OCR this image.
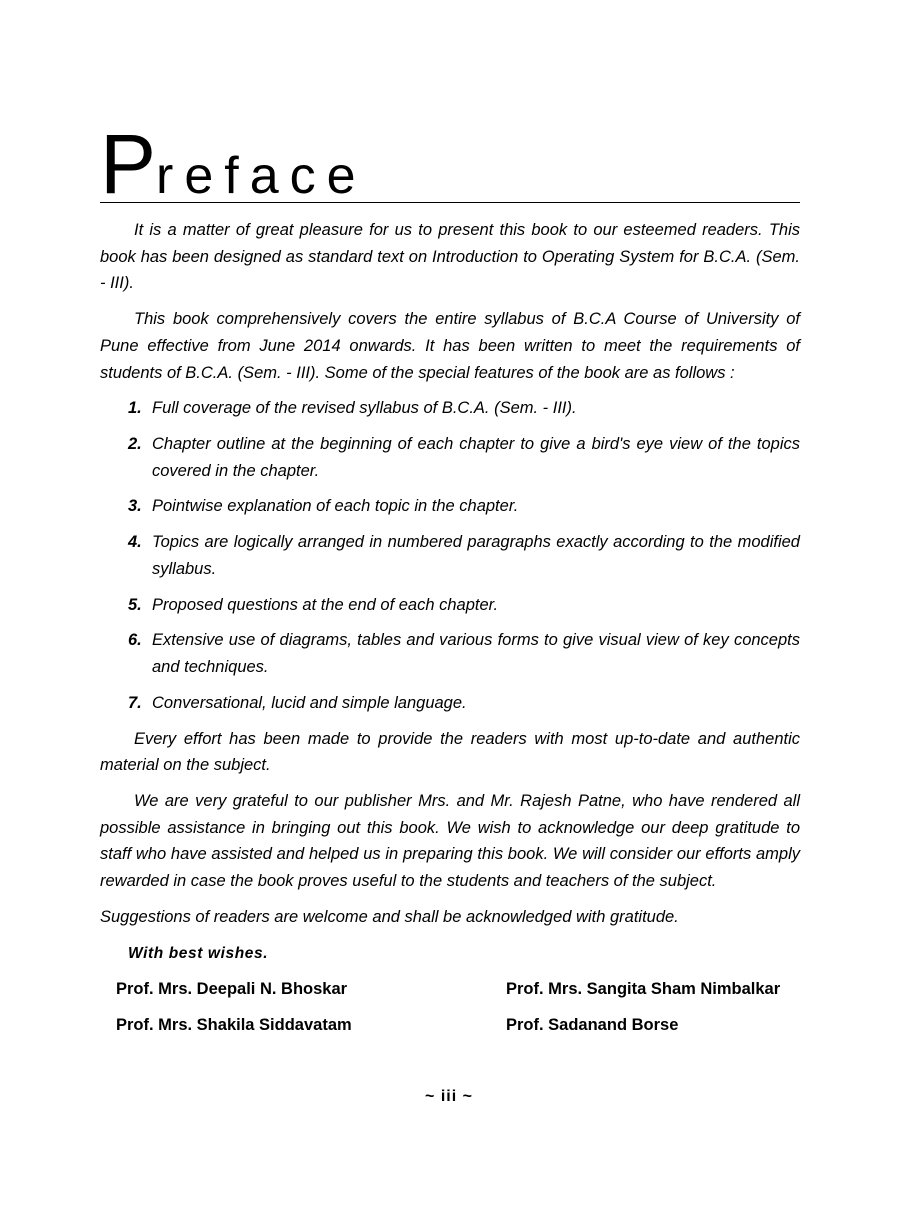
Preface

It is a matter of great pleasure for us to present this book to our esteemed readers. This book has been designed as standard text on Introduction to Operating System for B.C.A. (Sem. - III).

This book comprehensively covers the entire syllabus of B.C.A Course of University of Pune effective from June 2014 onwards. It has been written to meet the requirements of students of B.C.A. (Sem. - III). Some of the special features of the book are as follows :

1. Full coverage of the revised syllabus of B.C.A. (Sem. - III).
2. Chapter outline at the beginning of each chapter to give a bird's eye view of the topics covered in the chapter.
3. Pointwise explanation of each topic in the chapter.
4. Topics are logically arranged in numbered paragraphs exactly according to the modified syllabus.
5. Proposed questions at the end of each chapter.
6. Extensive use of diagrams, tables and various forms to give visual view of key concepts and techniques.
7. Conversational, lucid and simple language.

Every effort has been made to provide the readers with most up-to-date and authentic material on the subject.

We are very grateful to our publisher Mrs. and Mr. Rajesh Patne, who have rendered all possible assistance in bringing out this book. We wish to acknowledge our deep gratitude to staff who have assisted and helped us in preparing this book. We will consider our efforts amply rewarded in case the book proves useful to the students and teachers of the subject.

Suggestions of readers are welcome and shall be acknowledged with gratitude.

With best wishes.
Prof. Mrs. Deepali N. Bhoskar
Prof. Mrs. Shakila Siddavatam
Prof. Mrs. Sangita Sham Nimbalkar
Prof. Sadanand Borse
~ iii ~
